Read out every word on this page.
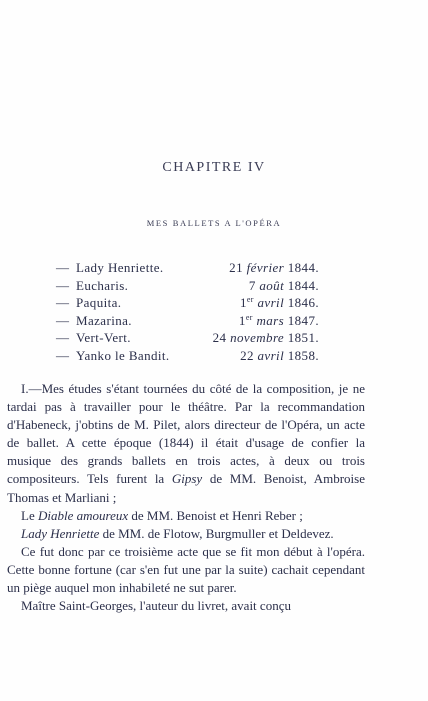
CHAPITRE IV
MES BALLETS A L'OPÉRA
— Lady Henriette.	21 février 1844.
— Eucharis.	7 août 1844.
— Paquita.	1er avril 1846.
— Mazarina.	1er mars 1847.
— Vert-Vert.	24 novembre 1851.
— Yanko le Bandit.	22 avril 1858.

I.—Mes études s'étant tournées du côté de la composition, je ne tardai pas à travailler pour le théâtre. Par la recommandation d'Habeneck, j'obtins de M. Pilet, alors directeur de l'Opéra, un acte de ballet. A cette époque (1844) il était d'usage de confier la musique des grands ballets en trois actes, à deux ou trois compositeurs. Tels furent la Gipsy de MM. Benoist, Ambroise Thomas et Marliani ;

Le Diable amoureux de MM. Benoist et Henri Reber ;

Lady Henriette de MM. de Flotow, Burgmuller et Deldevez.

Ce fut donc par ce troisième acte que se fit mon début à l'opéra. Cette bonne fortune (car s'en fut une par la suite) cachait cependant un piège auquel mon inhabileté ne sut parer.

Maître Saint-Georges, l'auteur du livret, avait conçu
